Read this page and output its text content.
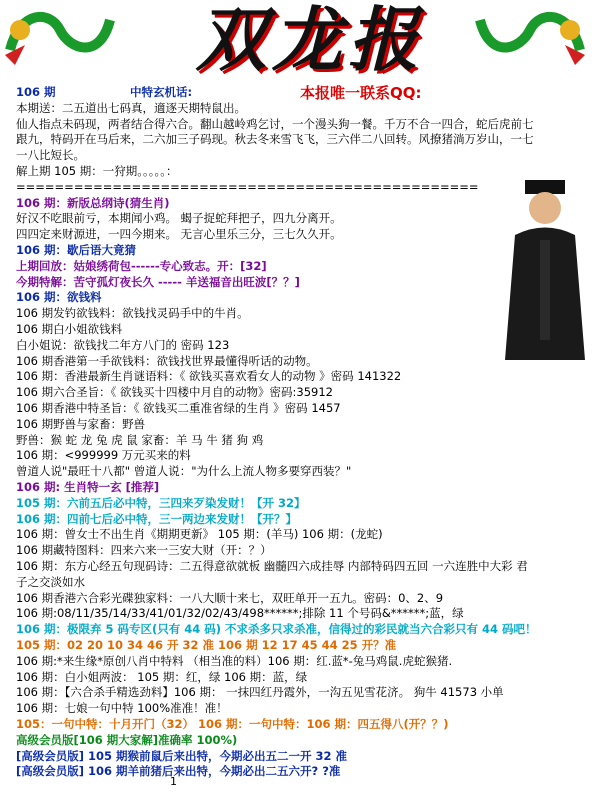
双龙报
本报唯一联系QQ:
106 期	中特玄机话:
本期送：二五道出七码真，適逐天期特鼠出。
仙人指点未码现，两者结合得六合。翻山越岭鸡乞讨，一个漫头狗一餐。千万不合一四合，蛇后虎前七
跟九，特码开在马后来，二六加三子码现。秋去冬来雪飞飞，三六伴二八回转。风撩猪淌万岁山，一七
一八比短长。
解上期 105 期：一狩期。。。。。：
================================================
106 期：新版总纲诗(猜生肖)
好汉不吃眼前亏，本期闻小鸡。 蝎子捉蛇拜把子，四九分离开。
四四定来财源进，一四今期来。 无言心里乐三分，三七久久开。
106 期：歇后语大竟猜
上期回放：姑娘绣荷包------专心致志。开：[32]
今期特解：苦守孤灯夜长久 ----- 羊送福音出旺波[？？]
106 期：欲钱料
106 期发钓欲钱料：欲钱找灵码手中的牛肖。
106 期白小姐欲钱料
白小姐说：欲钱找二年方八门的 密码 123
106 期香港第一手欲钱料：欲钱找世界最懂得听话的动物。
106 期：香港最新生肖谜语料：《 欲钱买喜欢看女人的动物 》密码 141322
106 期六合圣旨：《 欲钱买十四楼中月自的动物》密码:35912
106 期香港中特圣旨：《 欲钱买二重准省绿的生肖 》密码 1457
106 期野兽与家畜：野兽
野兽：猴 蛇 龙 兔 虎 鼠 家畜：羊 马 牛 猪 狗 鸡
106 期：<999999 万元买来的料
曾道人说"最旺十八都" 曾道人说："为什么上流人物多要穿西装？"
106 期: 生肖特一玄 [推荐]
105 期：六前五后必中特，三四来歹染发财！【开 32】
106 期：四前七后必中特，三一两边来发财！【开？】
106 期：曾女士不出生肖《期期更新》 105 期：(羊马) 106 期：(龙蛇)
106 期藏特图料：四来六来一三安大财（开：？）
106 期：东方心经五句现码诗：二五得意欲就板 幽髓四六成挂辱 内部特码四五回 一六连胜中大彩 君
子之交淡如水
106 期香港六合彩光碟独家料：一八大顺十来七，双旺单开一五九。密码：0、2、9
106 期:08/11/35/14/33/41/01/32/02/43/498******;排除 11 个号码&******;蓝，绿
106 期：极限弃 5 码专区(只有 44 码) 不求杀多只求杀准，信得过的彩民就当六合彩只有 44 码吧！
105 期：02 20 10 34 46 开 32 准 106 期 12 17 45 44 25 开？准
106 期:*来生缘*原创八肖中特料 （相当准的料）106 期：红.蓝*-兔马鸡鼠.虎蛇猴猪.
106 期：白小姐两波： 105 期：红，绿 106 期：蓝，绿
106 期：【六合杀手精选劲料】106 期： 一抹四红丹霞外，一沟五见雪花济。 狗牛 41573 小单
106 期：七娘一句中特 100%准准！准！
105：一句中特：十月开门（32） 106 期：一句中特：106 期：四五得八(开？？)
高级会员版[106 期大家解]准确率 100%)
[高级会员版] 105 期猴前鼠后来出特，今期必出五二一开 32 准
[高级会员版] 106 期羊前猪后来出特，今期必出二五六开? ?准
1
